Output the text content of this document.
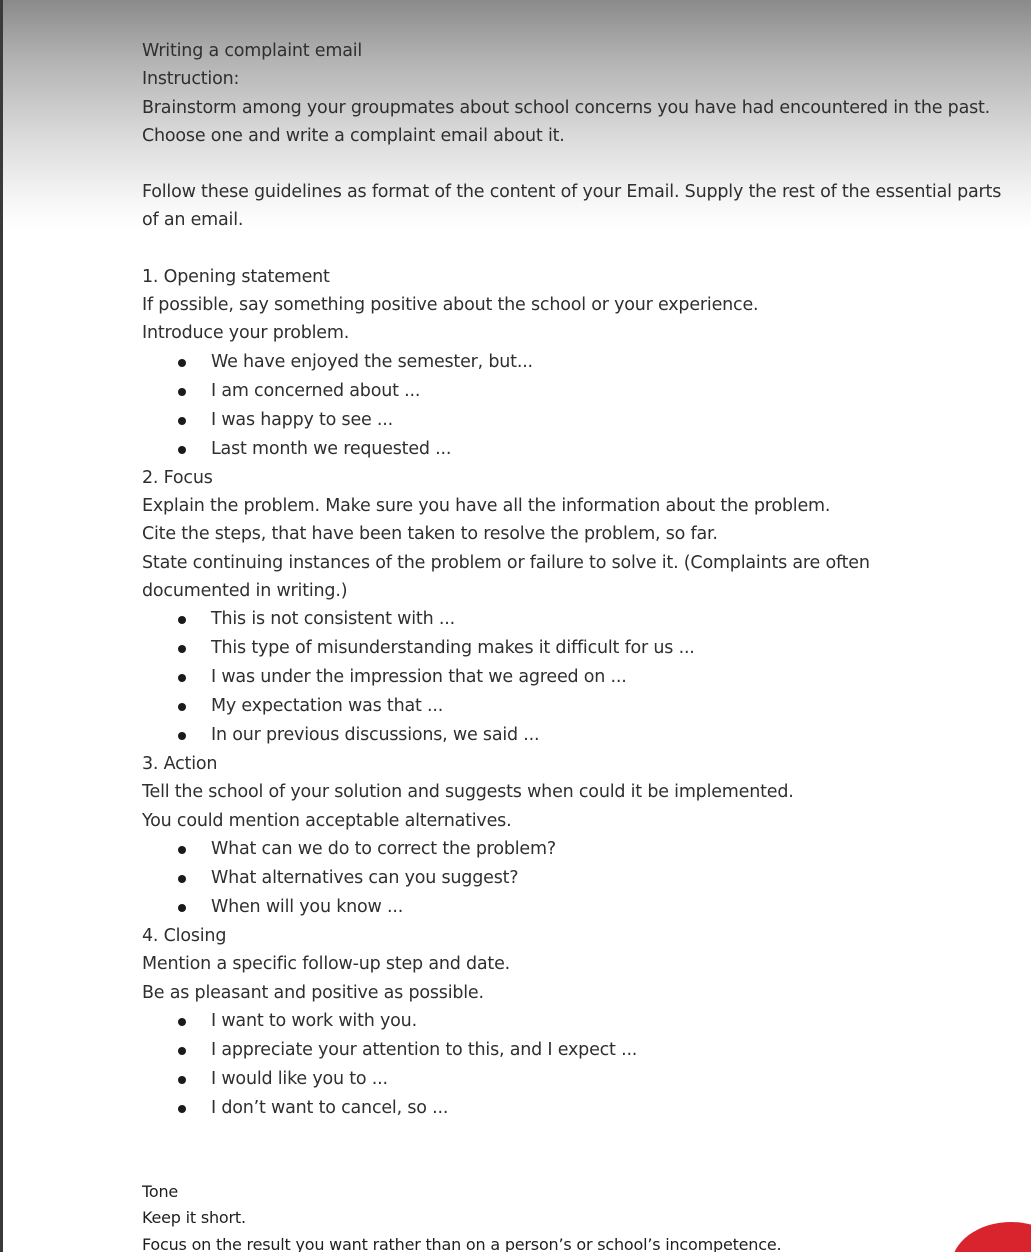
Writing a complaint email
Instruction:
Brainstorm among your groupmates about school concerns you have had encountered in the past. Choose one and write a complaint email about it.
Follow these guidelines as format of the content of your Email. Supply the rest of the essential parts of an email.
1. Opening statement
If possible, say something positive about the school or your experience.
Introduce your problem.
We have enjoyed the semester, but...
I am concerned about ...
I was happy to see ...
Last month we requested ...
2. Focus
Explain the problem. Make sure you have all the information about the problem.
Cite the steps, that have been taken to resolve the problem, so far.
State continuing instances of the problem or failure to solve it. (Complaints are often
documented in writing.)
This is not consistent with ...
This type of misunderstanding makes it difficult for us ...
I was under the impression that we agreed on ...
My expectation was that ...
In our previous discussions, we said ...
3. Action
Tell the school of your solution and suggests when could it be implemented.
You could mention acceptable alternatives.
What can we do to correct the problem?
What alternatives can you suggest?
When will you know ...
4. Closing
Mention a specific follow-up step and date.
Be as pleasant and positive as possible.
I want to work with you.
I appreciate your attention to this, and I expect ...
I would like you to ...
I don’t want to cancel, so ...
Tone
Keep it short.
Focus on the result you want rather than on a person’s or school’s incompetence.
